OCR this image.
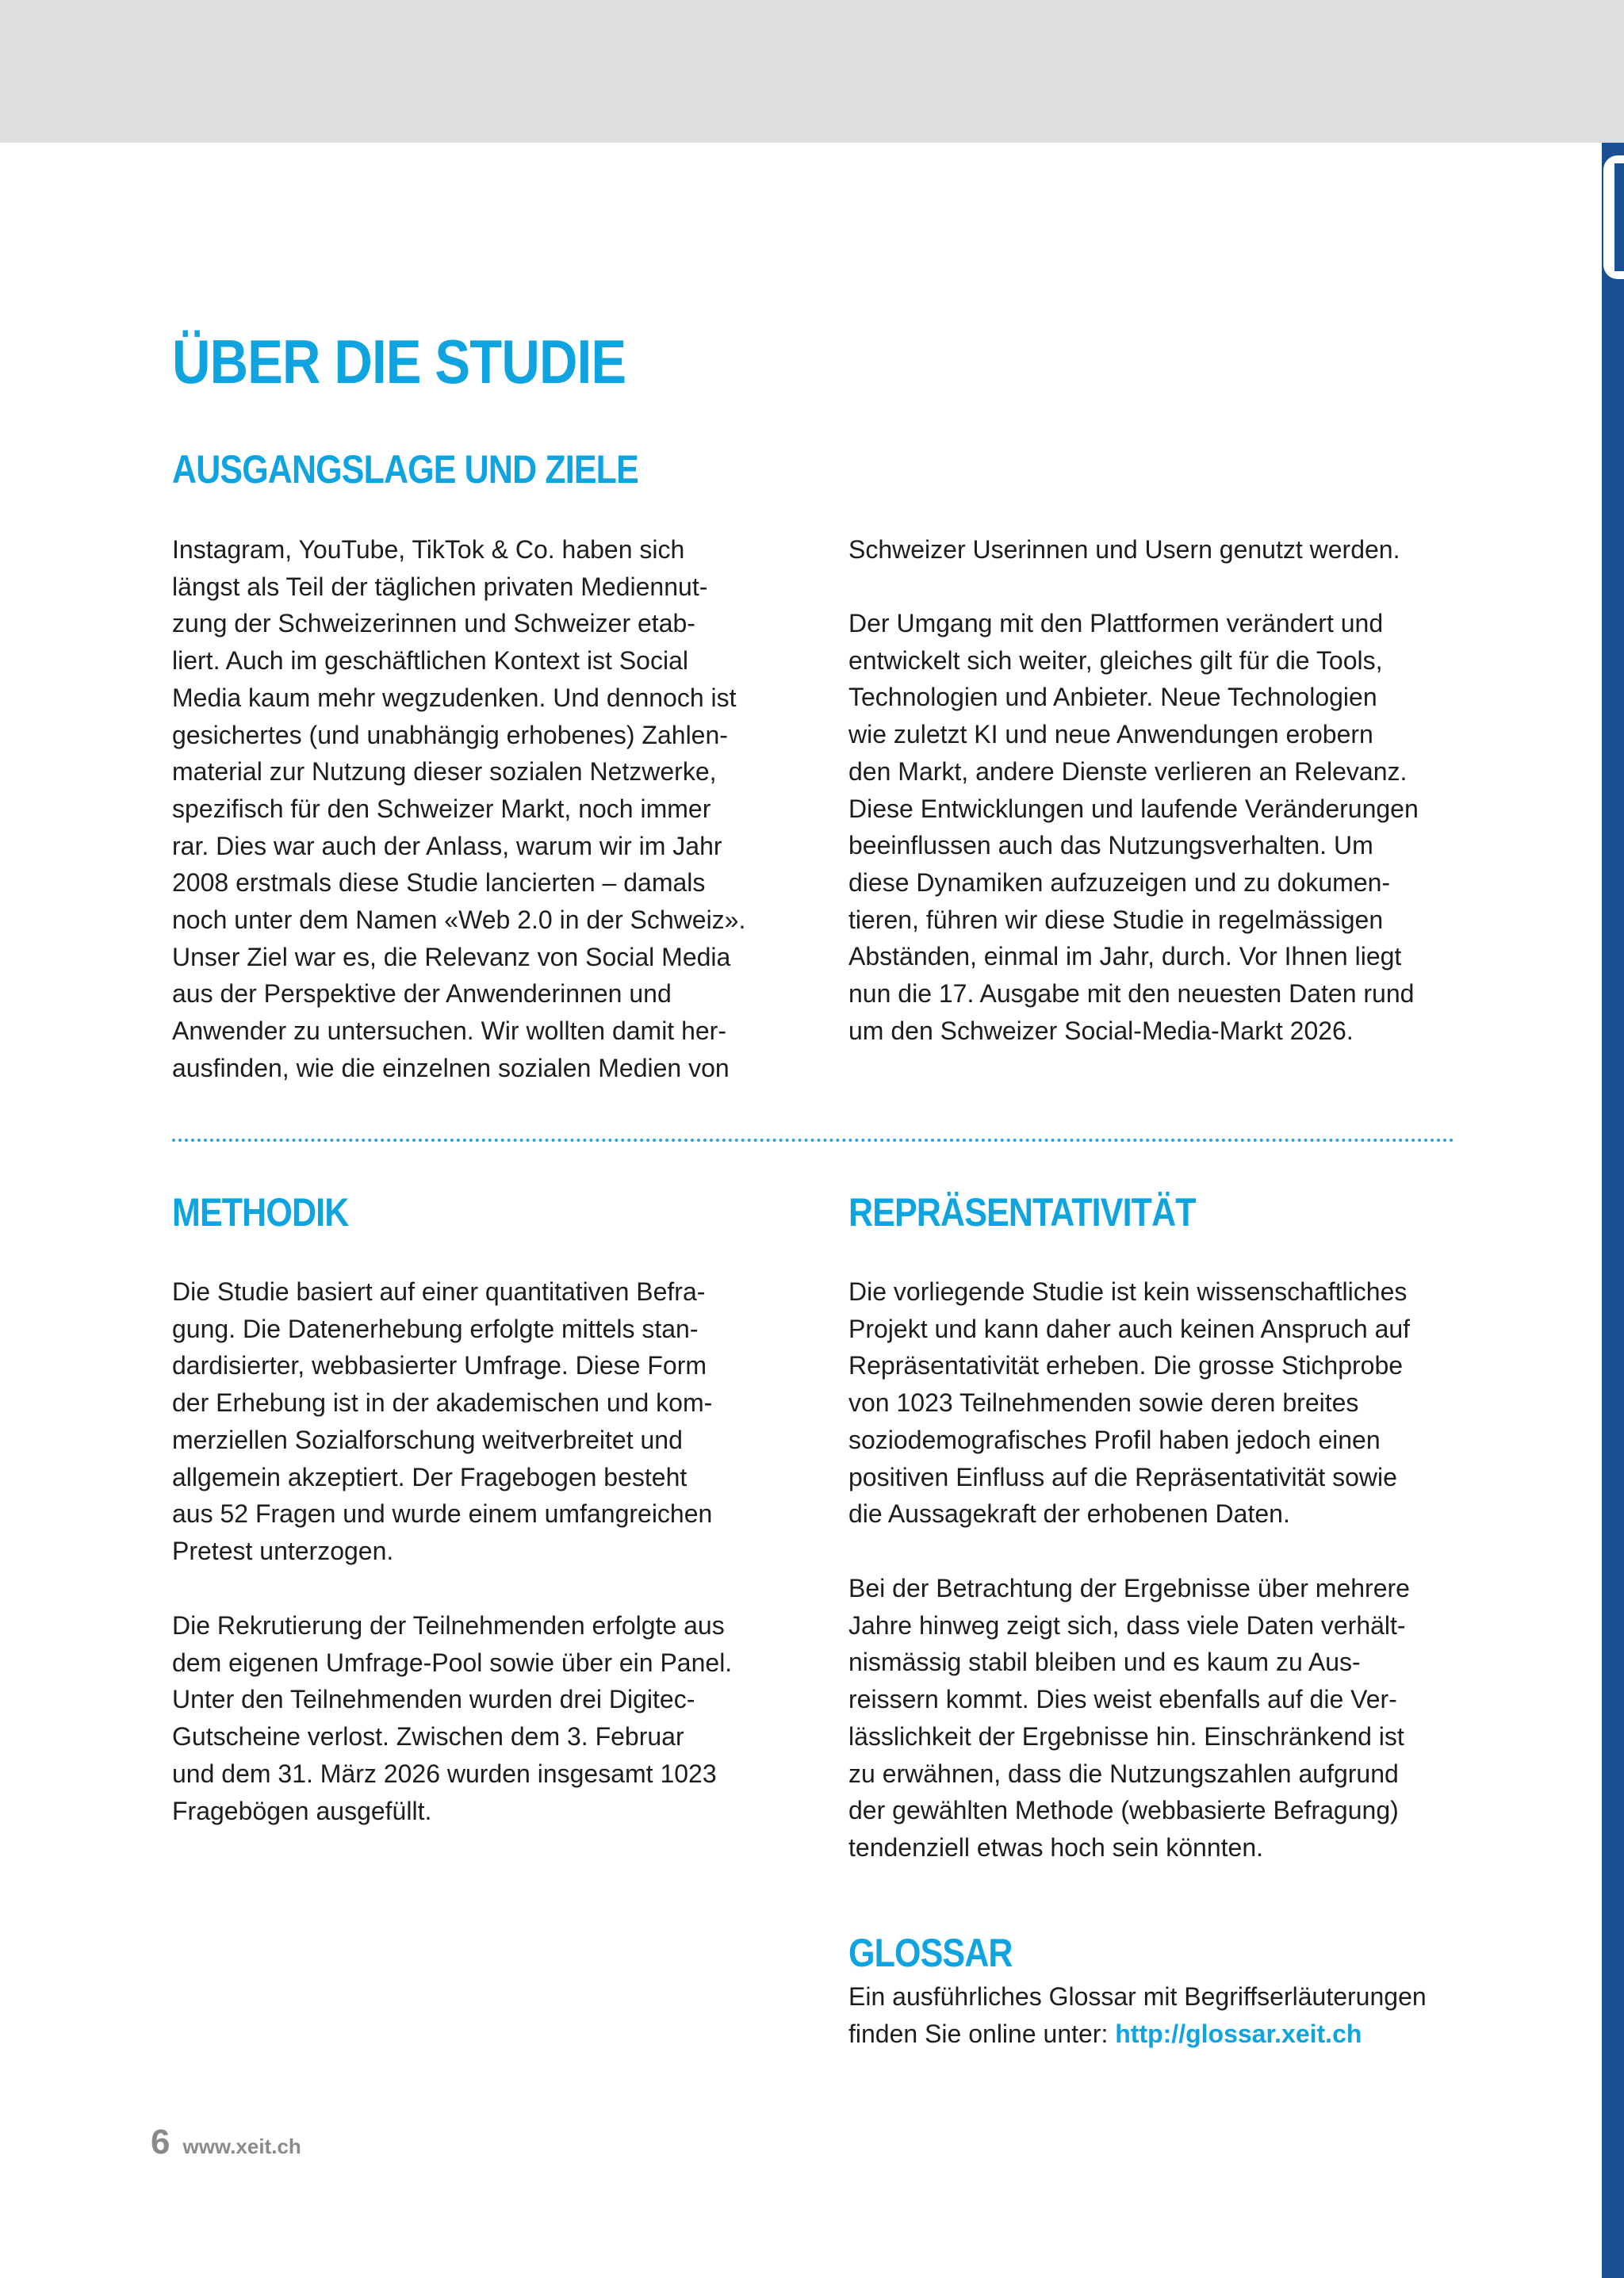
ÜBER DIE STUDIE
AUSGANGSLAGE UND ZIELE
Instagram, YouTube, TikTok & Co. haben sich
längst als Teil der täglichen privaten Mediennut-
zung der Schweizerinnen und Schweizer etab-
liert. Auch im geschäftlichen Kontext ist Social
Media kaum mehr wegzudenken. Und dennoch ist
gesichertes (und unabhängig erhobenes) Zahlen-
material zur Nutzung dieser sozialen Netzwerke,
spezifisch für den Schweizer Markt, noch immer
rar. Dies war auch der Anlass, warum wir im Jahr
2008 erstmals diese Studie lancierten – damals
noch unter dem Namen «Web 2.0 in der Schweiz».
Unser Ziel war es, die Relevanz von Social Media
aus der Perspektive der Anwenderinnen und
Anwender zu untersuchen. Wir wollten damit her-
ausfinden, wie die einzelnen sozialen Medien von
Schweizer Userinnen und Usern genutzt werden.
Der Umgang mit den Plattformen verändert und
entwickelt sich weiter, gleiches gilt für die Tools,
Technologien und Anbieter. Neue Technologien
wie zuletzt KI und neue Anwendungen erobern
den Markt, andere Dienste verlieren an Relevanz.
Diese Entwicklungen und laufende Veränderungen
beeinflussen auch das Nutzungsverhalten. Um
diese Dynamiken aufzuzeigen und zu dokumen-
tieren, führen wir diese Studie in regelmässigen
Abständen, einmal im Jahr, durch. Vor Ihnen liegt
nun die 17. Ausgabe mit den neuesten Daten rund
um den Schweizer Social-Media-Markt 2026.
METHODIK
Die Studie basiert auf einer quantitativen Befra-
gung. Die Datenerhebung erfolgte mittels stan-
dardisierter, webbasierter Umfrage. Diese Form
der Erhebung ist in der akademischen und kom-
merziellen Sozialforschung weitverbreitet und
allgemein akzeptiert. Der Fragebogen besteht
aus 52 Fragen und wurde einem umfangreichen
Pretest unterzogen.
Die Rekrutierung der Teilnehmenden erfolgte aus
dem eigenen Umfrage-Pool sowie über ein Panel.
Unter den Teilnehmenden wurden drei Digitec-
Gutscheine verlost. Zwischen dem 3. Februar
und dem 31. März 2026 wurden insgesamt 1023
Fragebögen ausgefüllt.
REPRÄSENTATIVITÄT
Die vorliegende Studie ist kein wissenschaftliches
Projekt und kann daher auch keinen Anspruch auf
Repräsentativität erheben. Die grosse Stichprobe
von 1023 Teilnehmenden sowie deren breites
soziodemografisches Profil haben jedoch einen
positiven Einfluss auf die Repräsentativität sowie
die Aussagekraft der erhobenen Daten.
Bei der Betrachtung der Ergebnisse über mehrere
Jahre hinweg zeigt sich, dass viele Daten verhält-
nismässig stabil bleiben und es kaum zu Aus-
reissern kommt. Dies weist ebenfalls auf die Ver-
lässlichkeit der Ergebnisse hin. Einschränkend ist
zu erwähnen, dass die Nutzungszahlen aufgrund
der gewählten Methode (webbasierte Befragung)
tendenziell etwas hoch sein könnten.
GLOSSAR
Ein ausführliches Glossar mit Begriffserläuterungen
finden Sie online unter: http://glossar.xeit.ch
6 www.xeit.ch
